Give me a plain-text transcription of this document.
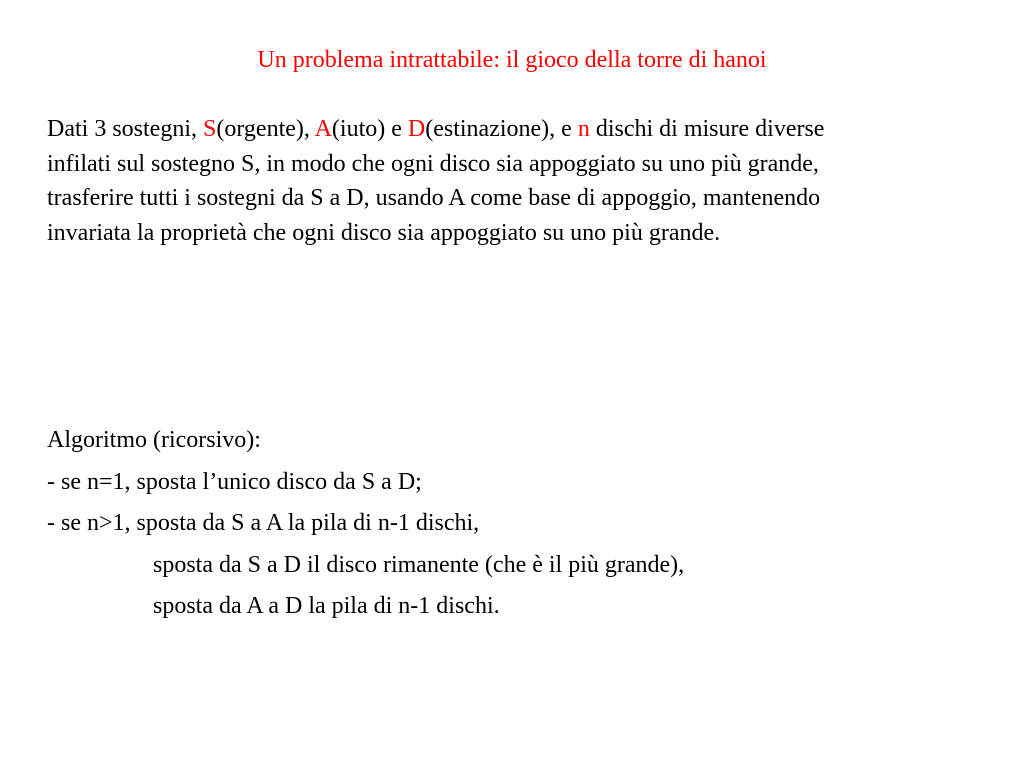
Un problema intrattabile: il gioco della torre di hanoi
Dati 3 sostegni, S(orgente), A(iuto) e D(estinazione), e n dischi di misure diverse
infilati sul sostegno S, in modo che ogni disco sia appoggiato su uno più grande,
trasferire tutti i sostegni da S a D, usando A come base di appoggio, mantenendo
invariata la proprietà che ogni disco sia appoggiato su uno più grande.
Algoritmo (ricorsivo):
- se n=1, sposta l’unico disco da S a D;
- se n>1, sposta da S a A la pila di n-1 dischi,
sposta da S a D il disco rimanente (che è il più grande),
sposta da A a D la pila di n-1 dischi.
